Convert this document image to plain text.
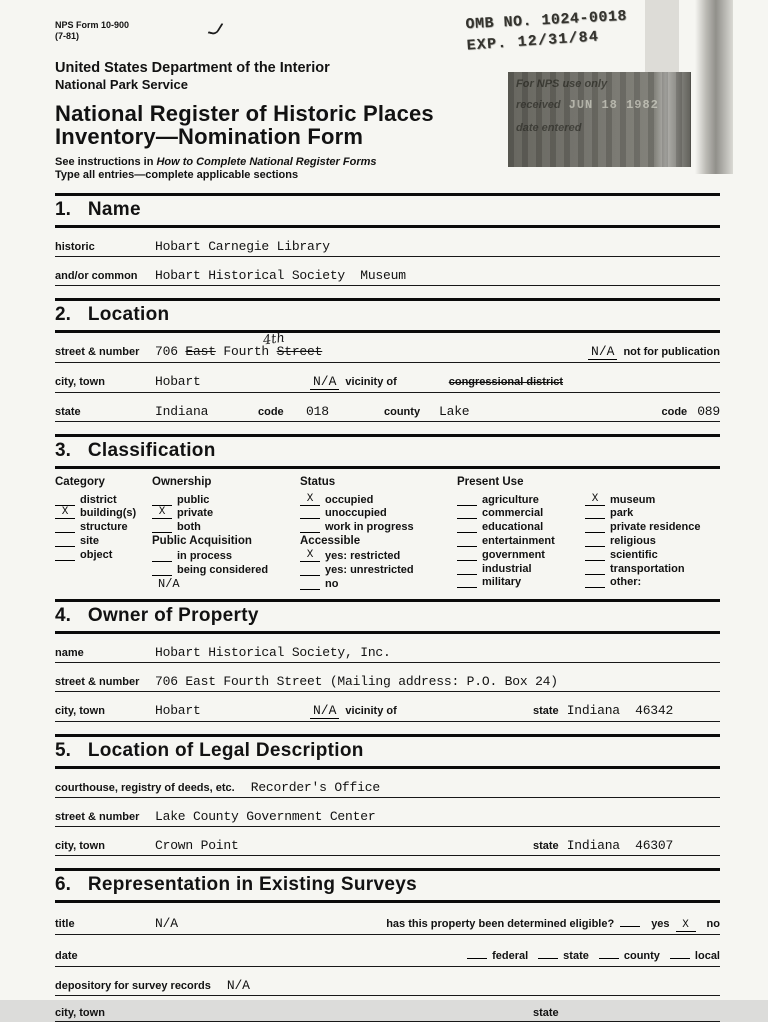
OMB NO. 1024-0018
EXP. 12/31/84
For NPS use only
received JUN 18 1982
date entered
NPS Form 10-900
(7-81)
United States Department of the Interior
National Park Service
National Register of Historic Places
Inventory—Nomination Form
See instructions in How to Complete National Register Forms
Type all entries—complete applicable sections
1. Name
historic	Hobart Carnegie Library
and/or common	Hobart Historical Society  Museum
2. Location
street & number	706 East Fourth Street
4th
N/A not for publication
city, town	Hobart	N/A vicinity of	congressional district
state	Indiana	code	018	county	Lake	code 089
3. Classification
Category
district
X	building(s)
structure
site
object
Ownership
public
X	private
both
Public Acquisition
in process
being considered
N/A
Status
X	occupied
unoccupied
work in progress
Accessible
X	yes: restricted
yes: unrestricted
no
Present Use
agriculture
commercial
educational
entertainment
government
industrial
military
X	museum
park
private residence
religious
scientific
transportation
other:
4. Owner of Property
name	Hobart Historical Society, Inc.
street & number	706 East Fourth Street (Mailing address: P.O. Box 24)
city, town	Hobart	N/A vicinity of	state Indiana  46342
5. Location of Legal Description
courthouse, registry of deeds, etc. Recorder's Office
street & number	Lake County Government Center
city, town	Crown Point	state Indiana  46307
6. Representation in Existing Surveys
title	N/A	has this property been determined eligible?	yes	X	no
date	federal	state	county	local
depository for survey records N/A
city, town	state
